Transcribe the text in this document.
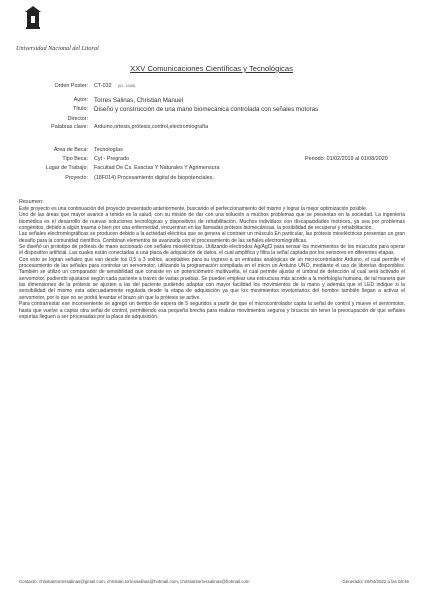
Universidad Nacional del Litoral
XXV Comunicaciones Científicas y Tecnológicas
Orden Poster: CT-032 (ID: 1698)
Autor: Torres Salinas, Christian Manuel
Título: Diseño y construcción de una mano biomecánica controlada con señales motoras
Director:
Palabras clave: Arduino,ortesis,prótesis,control,electromiografía
Área de Beca: Tecnologías
Tipo Beca: Cyt - Pregrado	Periodo: 01/02/2019 al 01/08/2020
Lugar de Trabajo: Facultad De Cs. Exactas Y Naturales Y Agrimensura
Proyecto: (18F014) Procesamiento digital de biopotenciales.
Resumen:

Este proyecto es una continuación del proyecto presentado anteriormente, buscando el perfeccionamiento del mismo y lograr la mejor optimización posible.

Uno de las áreas que mayor avance a tenido es la salud, con su misión de dar con una solución a muchos problemas que se presentan en la sociedad. La ingeniería biomédica es el desarrollo de nuevas soluciones tecnológicas y dispositivos de rehabilitación. Muchos individuos con discapacidades motrices, ya sea por problemas congénitos, debido a algún trauma o bien por una enfermedad, encuentran en las llamadas prótesis biomecánicas, la posibilidad de recuperar y rehabilitación.

Las señales electromiográficas se producen debido a la actividad eléctrica que se genera al contraer un músculo.En particular, las prótesis mioeléctricas presentan un gran desafío para la comunidad científica. Combinan elementos de avanzada con el procesamiento de las señales electromiográficas.

Se diseñó un prototipo de prótesis de mano accionado con señales mioeléctricas. Utilizando electrodos Ag/AgCl para sensar los movimientos de los músculos para operar el dispositivo artificial. Las cuales están conectadas a una placa de adquisición de datos, el cual amplifica y filtra la señal captada por los sensores en diferentes etapas.

Con esto se logran señales que van desde los 0,5 a 3 voltios, aceptables para su ingreso a un entradas analógicas de un microcontrolador Arduino, el cual permite el procesamiento de las señales para controlar un servomotor, utilizando la programación compilada en el micro un Arduino UNO, mediante el uso de librerías disponibles. También se utilizó un comparador de sensibilidad que consiste en un potenciómetro multivuelta, el cual permite ajustar el umbral de detección al cual será activado el servomotor, pudiendo ajustarse según cada paciente a través de varias pruebas. Se pueden emplear una estructura más acorde a la morfología humana, de tal manera que las dimensiones de la prótesis se ajusten a las del paciente pudiendo adaptar con mayor facilidad los movimientos de la mano y además que el LED indique si la sensibilidad del mismo esta adecuadamente regulada desde la etapa de adquisición ya que los movimientos involuntarios del hombre también llegan a activar el servomotor, por lo que no se podrá levantar el brazo sin que la prótesis se active.

Para contrarrestar ese inconveniente se agregó un tiempo de espera de 5 segundos a partir de que el microcontrolador capta la señal de control y mueve el servomotor, hasta que vuelve a captar otra señal de control, permitiendo esa pequeña brecha para realizar movimientos seguros y bruscos sin tener la preocupación de que señales espurias lleguen a ser procesadas por la placa de adquisición.

Contacto: christiantorressalinas@gmail.com, christian.torressalinas@hotmail.com, christiantorressalinas@hotmail.com	Generado: 20/04/2022 a las 08:46
